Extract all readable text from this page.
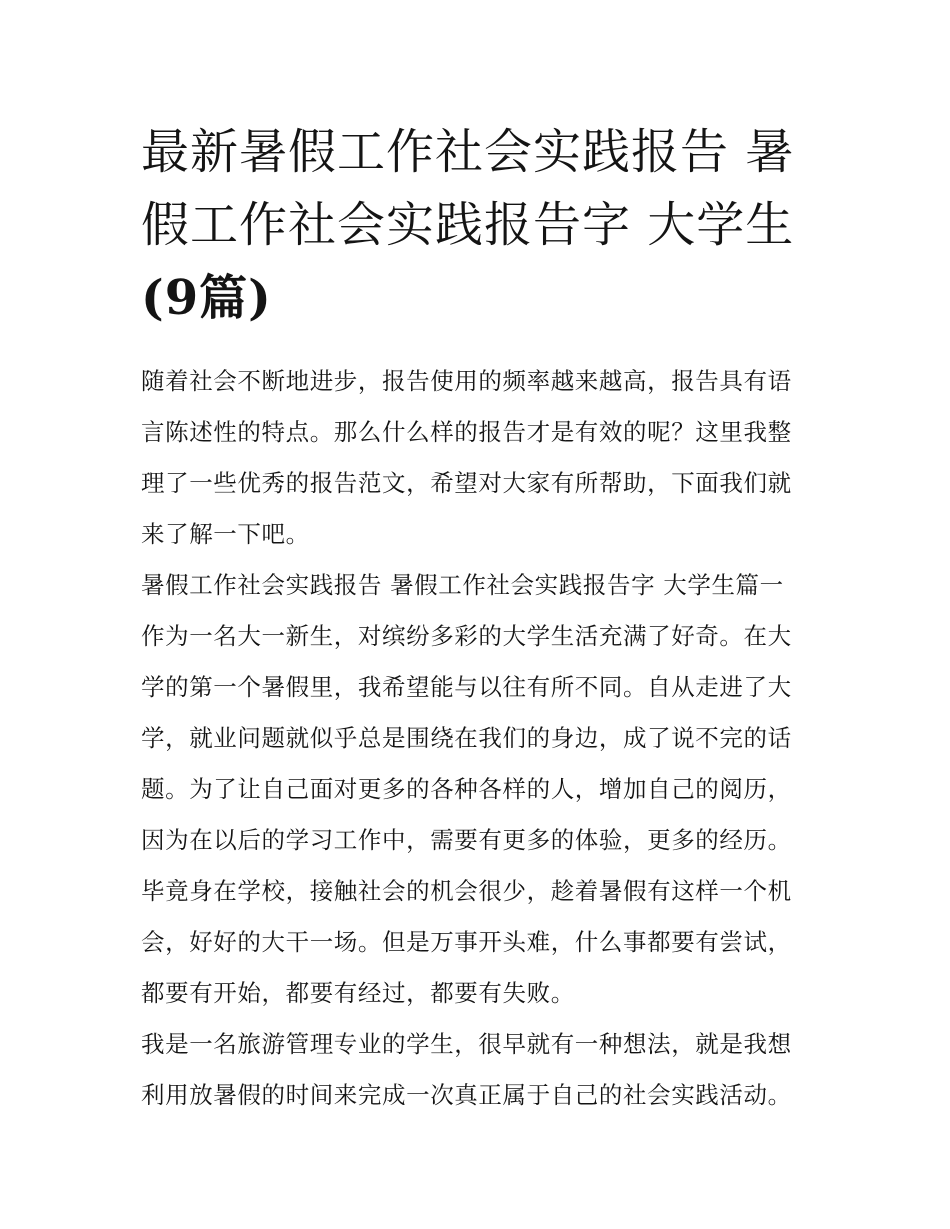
最新暑假工作社会实践报告 暑假工作社会实践报告字 大学生
(9篇)

随着社会不断地进步，报告使用的频率越来越高，报告具有语言陈述性的特点。那么什么样的报告才是有效的呢？这里我整理了一些优秀的报告范文，希望对大家有所帮助，下面我们就来了解一下吧。

暑假工作社会实践报告 暑假工作社会实践报告字 大学生篇一

作为一名大一新生，对缤纷多彩的大学生活充满了好奇。在大学的第一个暑假里，我希望能与以往有所不同。自从走进了大学，就业问题就似乎总是围绕在我们的身边，成了说不完的话题。为了让自己面对更多的各种各样的人，增加自己的阅历，因为在以后的学习工作中，需要有更多的体验，更多的经历。毕竟身在学校，接触社会的机会很少，趁着暑假有这样一个机会，好好的大干一场。但是万事开头难，什么事都要有尝试，都要有开始，都要有经过，都要有失败。

我是一名旅游管理专业的学生，很早就有一种想法，就是我想利用放暑假的时间来完成一次真正属于自己的社会实践活动。
